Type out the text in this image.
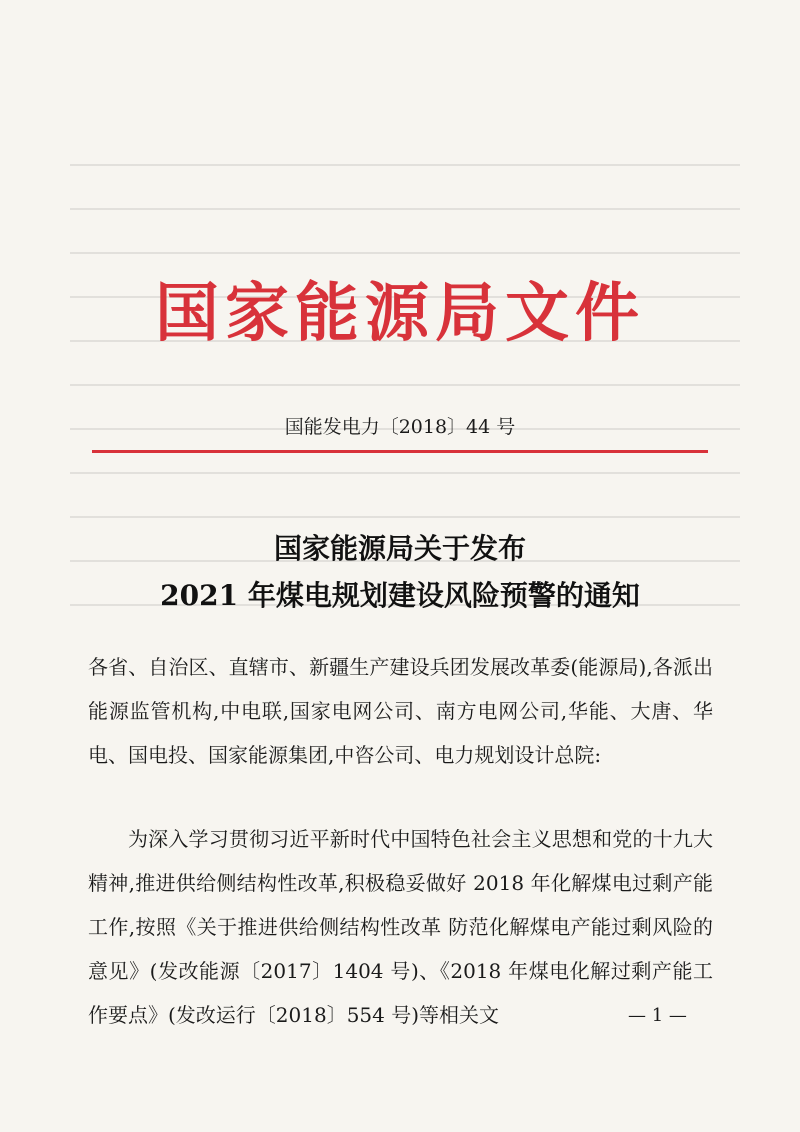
国家能源局文件

国能发电力〔2018〕44 号

国家能源局关于发布
2021 年煤电规划建设风险预警的通知

各省、自治区、直辖市、新疆生产建设兵团发展改革委(能源局),各派出能源监管机构,中电联,国家电网公司、南方电网公司,华能、大唐、华电、国电投、国家能源集团,中咨公司、电力规划设计总院:

为深入学习贯彻习近平新时代中国特色社会主义思想和党的十九大精神,推进供给侧结构性改革,积极稳妥做好 2018 年化解煤电过剩产能工作,按照《关于推进供给侧结构性改革 防范化解煤电产能过剩风险的意见》(发改能源〔2017〕1404 号)、《2018 年煤电化解过剩产能工作要点》(发改运行〔2018〕554 号)等相关文	— 1 —
